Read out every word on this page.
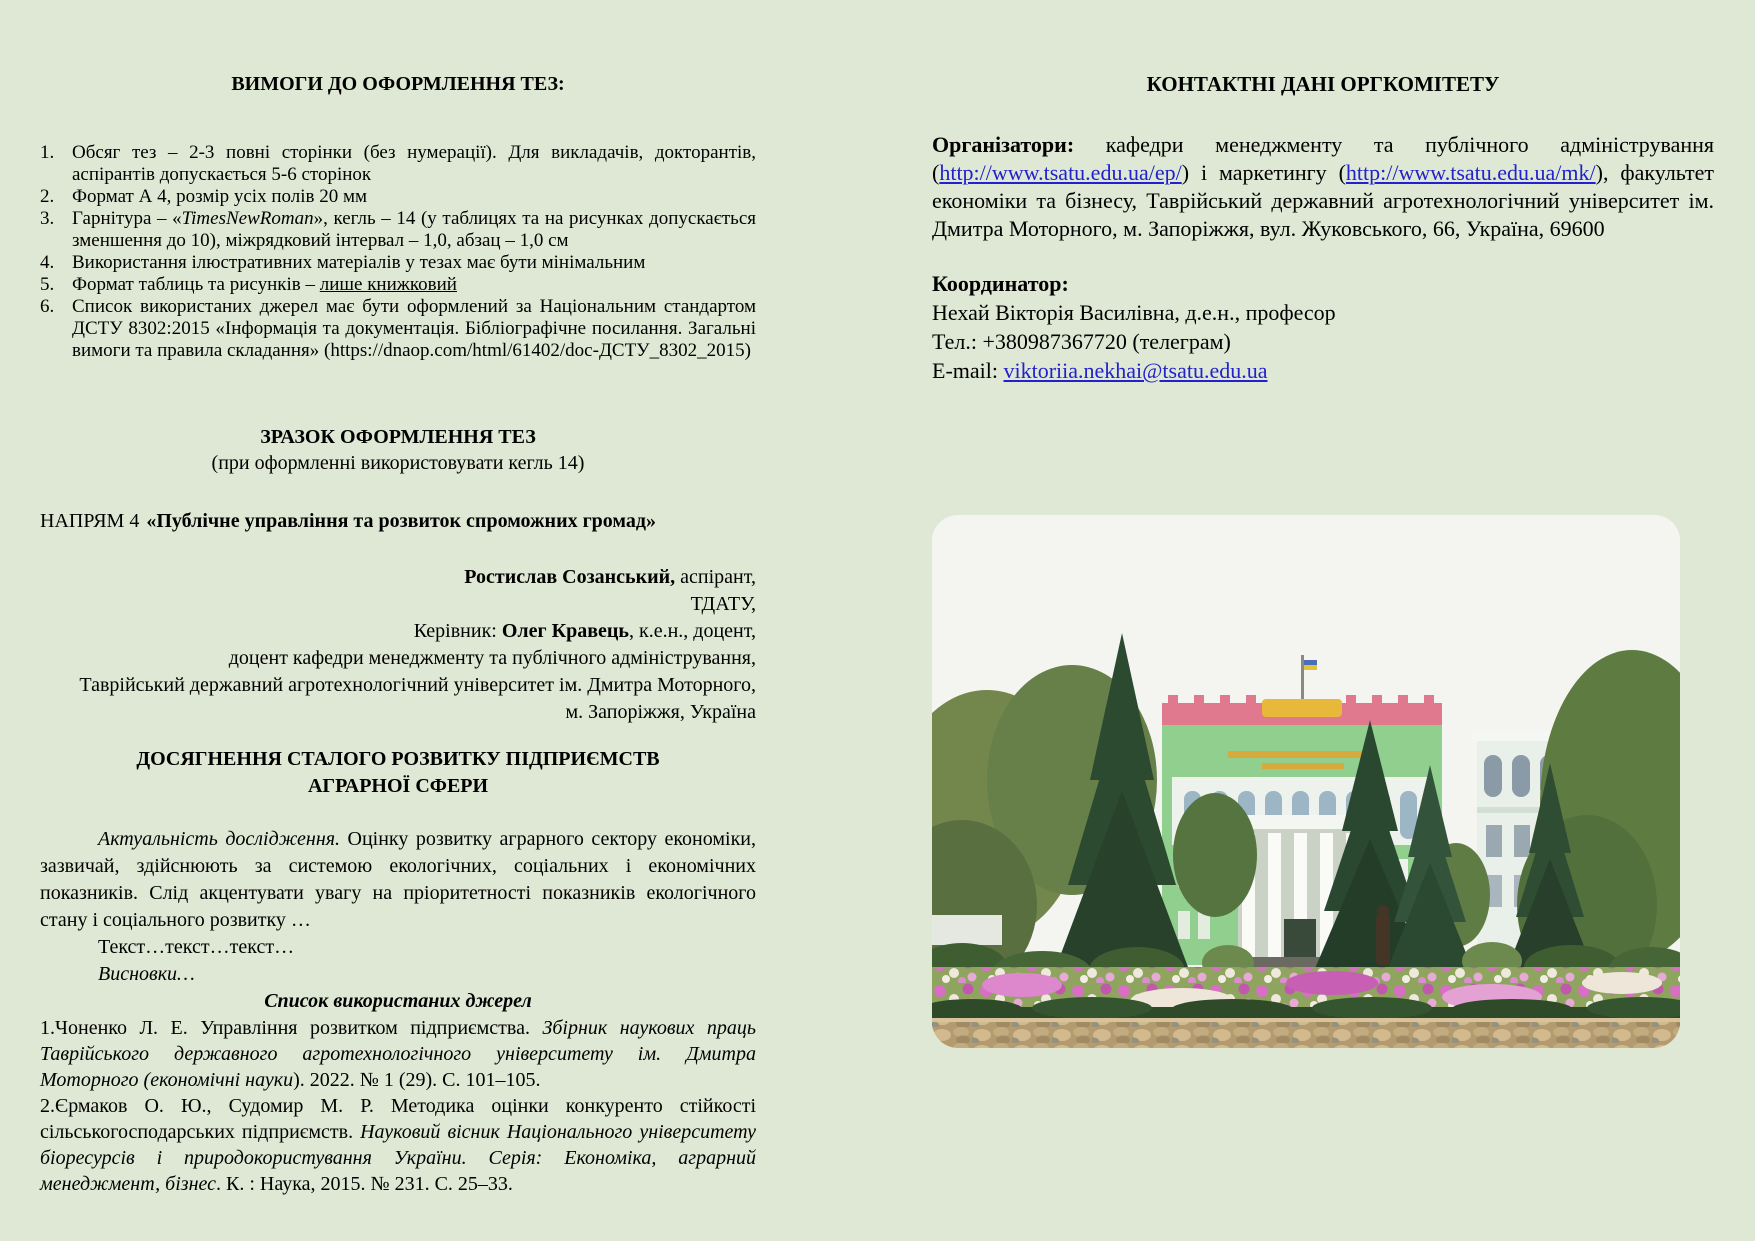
ВИМОГИ ДО ОФОРМЛЕННЯ ТЕЗ:
1. Обсяг тез – 2-3 повні сторінки (без нумерації). Для викладачів, докторантів, аспірантів допускається 5-6 сторінок
2. Формат А 4, розмір усіх полів 20 мм
3. Гарнітура – «TimesNewRoman», кегль – 14 (у таблицях та на рисунках допускається зменшення до 10), міжрядковий інтервал – 1,0, абзац – 1,0 см
4. Використання ілюстративних матеріалів у тезах має бути мінімальним
5. Формат таблиць та рисунків – лише книжковий
6. Список використаних джерел має бути оформлений за Національним стандартом ДСТУ 8302:2015 «Інформація та документація. Бібліографічне посилання. Загальні вимоги та правила складання» (https://dnaop.com/html/61402/doc-ДСТУ_8302_2015)
ЗРАЗОК ОФОРМЛЕННЯ ТЕЗ
(при оформленні використовувати кегль 14)
НАПРЯМ 4 «Публічне управління та розвиток спроможних громад»
Ростислав Созанський, аспірант,
ТДАТУ,
Керівник: Олег Кравець, к.е.н., доцент,
доцент кафедри менеджменту та публічного адміністрування,
Таврійський державний агротехнологічний університет ім. Дмитра Моторного,
м. Запоріжжя, Україна
ДОСЯГНЕННЯ СТАЛОГО РОЗВИТКУ ПІДПРИЄМСТВ
АГРАРНОЇ СФЕРИ

Актуальність дослідження. Оцінку розвитку аграрного сектору економіки, зазвичай, здійснюють за системою екологічних, соціальних і економічних показників. Слід акцентувати увагу на пріоритетності показників екологічного стану і соціального розвитку …

Текст…текст…текст…
Висновки…
Список використаних джерел

1.Чоненко Л. Е. Управління розвитком підприємства. Збірник наукових праць Таврійського державного агротехнологічного університету ім. Дмитра Моторного (економічні науки). 2022. № 1 (29). С. 101–105.

2.Єрмаков О. Ю., Судомир М. Р. Методика оцінки конкуренто стійкості сільськогосподарських підприємств. Науковий вісник Національного університету біоресурсів і природокористування України. Серія: Економіка, аграрний менеджмент, бізнес. К. : Наука, 2015. № 231. С. 25–33.

КОНТАКТНІ ДАНІ ОРГКОМІТЕТУ

Організатори: кафедри менеджменту та публічного адміністрування (http://www.tsatu.edu.ua/ep/) і маркетингу (http://www.tsatu.edu.ua/mk/), факультет економіки та бізнесу, Таврійський державний агротехнологічний університет ім. Дмитра Моторного, м. Запоріжжя, вул. Жуковського, 66, Україна, 69600

Координатор:
Нехай Вікторія Василівна, д.е.н., професор
Тел.: +380987367720 (телеграм)
E-mail: viktoriia.nekhai@tsatu.edu.ua
